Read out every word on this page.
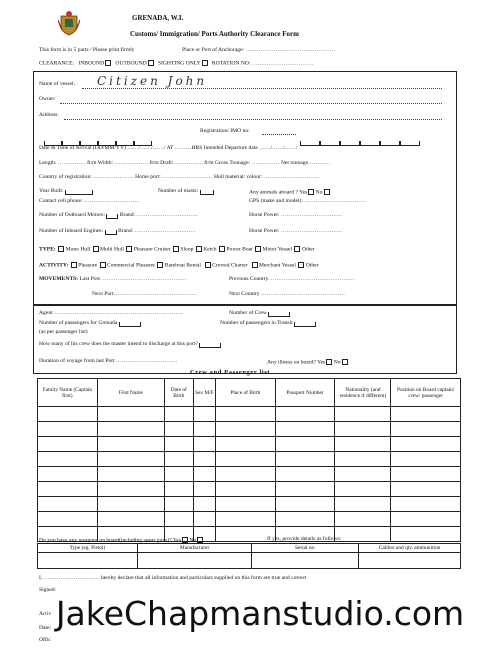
GRENADA, W.I.
Customs/ Immigration/ Ports Authority Clearance Form
This form is in 5 parts / Please print firmly	Place or Port of Anchorage: …………………………………………
CLEARANCE: INBOUND OUTBOUND SIGHTING ONLY ROTATION NO: ……………………………
Name of vessel: Citizen John
Owner:
Address:
Registration/ IMO no:
Date & Time of Arrival (DD/MM/YY) ……/……/……/ AT ………HRS Intended Departure date ……/……/……/
Length: …………… ft/m Width: ……………… ft/m Draft:……………. ft/m Gross Tonnage: …………… Net tonnage…………
Country of registration: ……………… … Home port: ……………………… Hull material/ colour: …………………………
Year Built:	Number of masts:	Any animals aboard ? Yes No
Contact cell phone: …………………………	GPS (make and model): ……………………………
Number of Outboard Motors:	Brand: ……………………………	Horse Power: ……………………………
Number of Inboard Engines:	Brand: ……………………………	Horse Power: ……………………………
TYPE: Mono Hull Multi Hull Pleasure Cruiser Sloop Ketch Power Boat Motor Vessel Other
ACTIVITY: Pleasure Commercial Pleasure Bareboat Rental Crewed Charter Merchant Vessel Other
MOVEMENTS: Last Port. ………………………………………	Previous Country. ………………………………………
Next Port………………………………………	Next Country ………………………………………
Agent ……………………………………………………………	Number of Crew
Number of passengers for Grenada
(as per passenger list)
Number of passengers in Transit
How many of his crew does the master intend to discharge at this port?
Duration of voyage from last Port ……………………………	Any illness on board? Yes No
Crew and Passenger list
Family Name (Captain first)	First Name	Date of Birth	Sex M/F	Place of Birth	Passport Number	Nationality (and residence if different)	Position on Board captain/ crew/ passenger

Do you have any weapons on board(including spear guns)? Yes No	If yes, provide details as follows:
Type (eg. Pistol)	Manufacturer	Serial no.	Calibre and qty. ammunition

I, ………………………… hereby declare that all information and particulars supplied on this form are true and correct
Signed:
Arriv
Date:
Offic
JakeChapmanstudio.com
